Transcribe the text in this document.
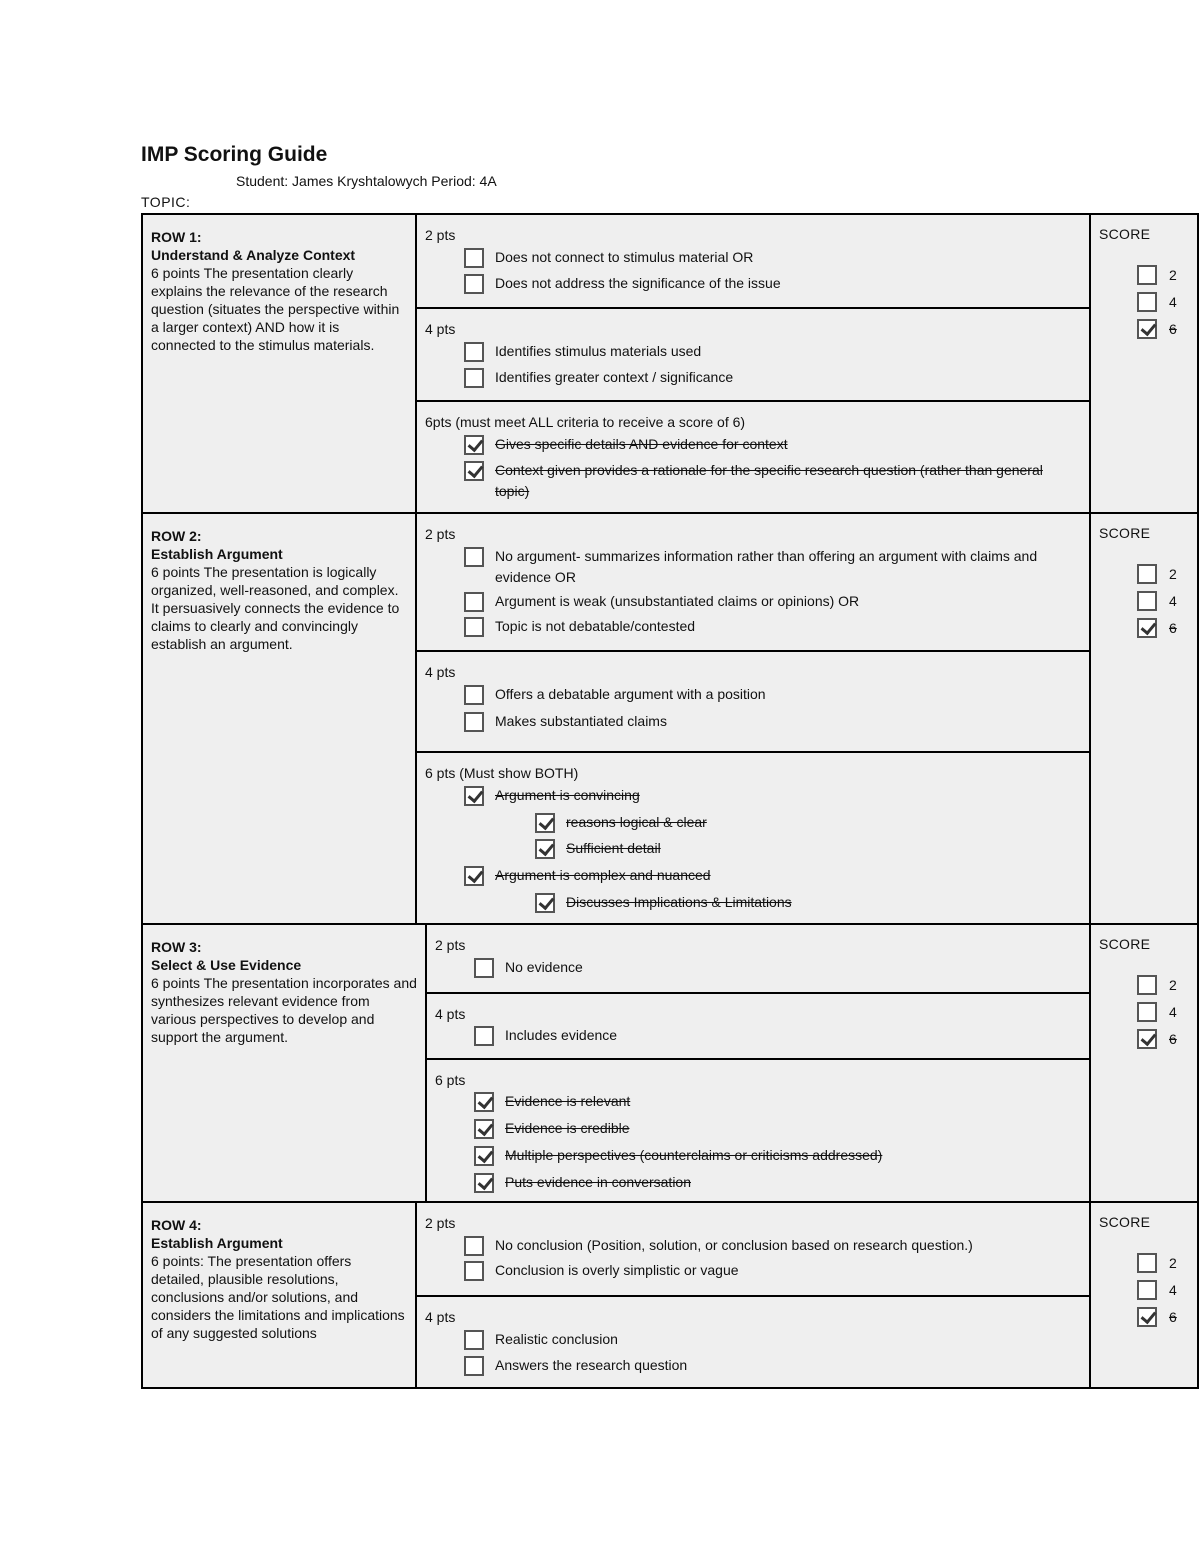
IMP Scoring Guide
Student: James Kryshtalowych Period: 4A
TOPIC:
ROW 1:
Understand & Analyze Context
6 points The presentation clearly explains the relevance of the research question (situates the perspective within a larger context) AND how it is connected to the stimulus materials.
2 pts
Does not connect to stimulus material OR
Does not address the significance of the issue
4 pts
Identifies stimulus materials used
Identifies greater context / significance
6pts (must meet ALL criteria to receive a score of 6)
Gives specific details AND evidence for context
Context given provides a rationale for the specific research question (rather than general topic)
SCORE
2
4
6
ROW 2:
Establish Argument
6 points The presentation is logically organized, well-reasoned, and complex. It persuasively connects the evidence to claims to clearly and convincingly establish an argument.
2 pts
No argument- summarizes information rather than offering an argument with claims and evidence OR
Argument is weak (unsubstantiated claims or opinions) OR
Topic is not debatable/contested
4 pts
Offers a debatable argument with a position
Makes substantiated claims
6 pts (Must show BOTH)
Argument is convincing
reasons logical & clear
Sufficient detail
Argument is complex and nuanced
Discusses Implications & Limitations
SCORE
2
4
6
ROW 3:
Select & Use Evidence
6 points The presentation incorporates and synthesizes relevant evidence from various perspectives to develop and support the argument.
2 pts
No evidence
4 pts
Includes evidence
6 pts
Evidence is relevant
Evidence is credible
Multiple perspectives (counterclaims or criticisms addressed)
Puts evidence in conversation
SCORE
2
4
6
ROW 4:
Establish Argument
6 points: The presentation offers detailed, plausible resolutions, conclusions and/or solutions, and considers the limitations and implications of any suggested solutions
2 pts
No conclusion (Position, solution, or conclusion based on research question.)
Conclusion is overly simplistic or vague
4 pts
Realistic conclusion
Answers the research question
SCORE
2
4
6
